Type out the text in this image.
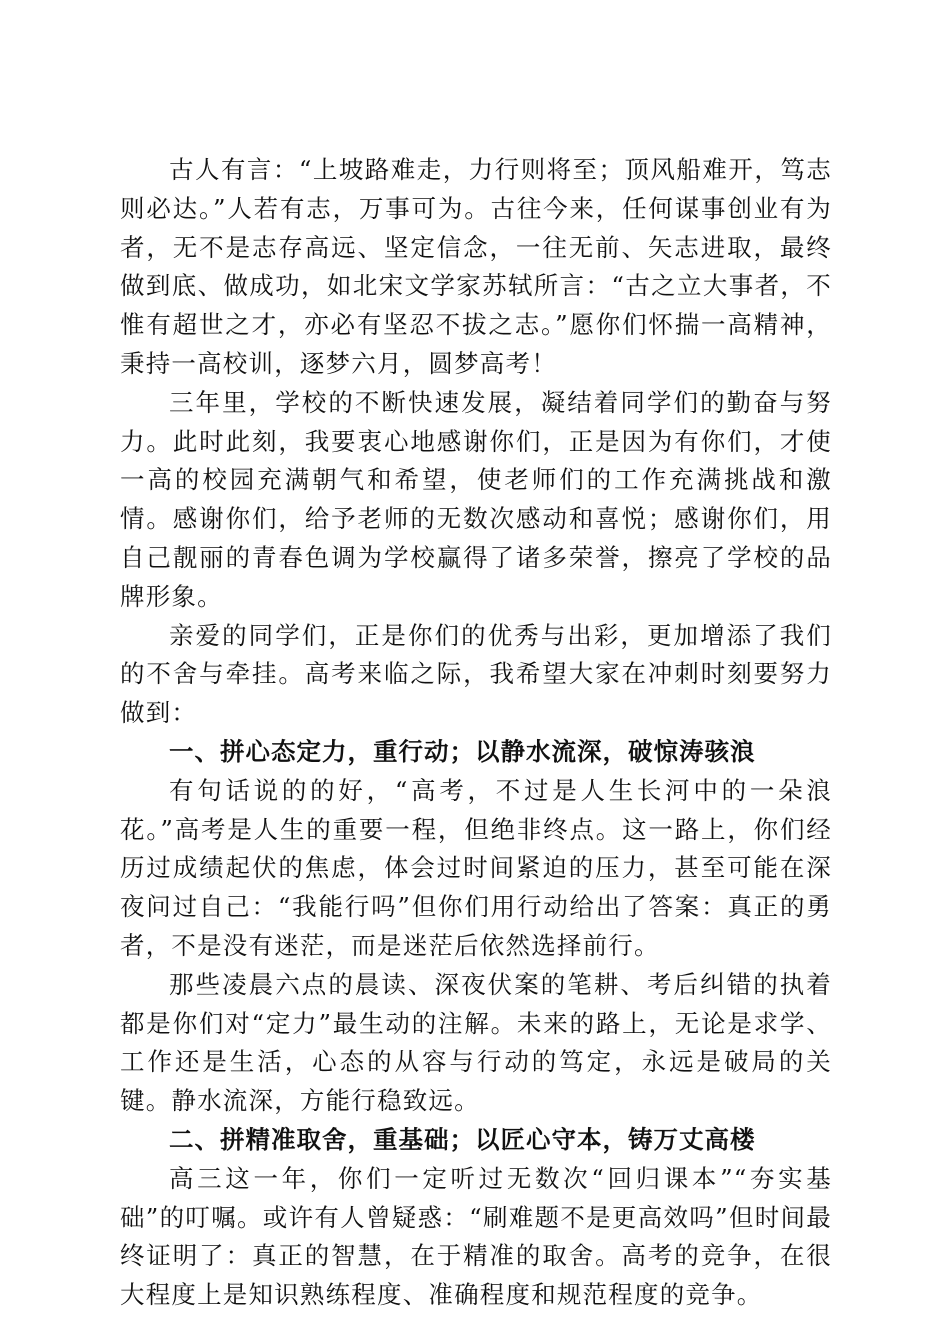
古人有言：“上坡路难走，力行则将至；顶风船难开，笃志则必达。”人若有志，万事可为。古往今来，任何谋事创业有为者，无不是志存高远、坚定信念，一往无前、矢志进取，最终做到底、做成功，如北宋文学家苏轼所言：“古之立大事者，不惟有超世之才，亦必有坚忍不拔之志。”愿你们怀揣一高精神，秉持一高校训，逐梦六月，圆梦高考！

三年里，学校的不断快速发展，凝结着同学们的勤奋与努力。此时此刻，我要衷心地感谢你们，正是因为有你们，才使一高的校园充满朝气和希望，使老师们的工作充满挑战和激情。感谢你们，给予老师的无数次感动和喜悦；感谢你们，用自己靓丽的青春色调为学校赢得了诸多荣誉，擦亮了学校的品牌形象。

亲爱的同学们，正是你们的优秀与出彩，更加增添了我们的不舍与牵挂。高考来临之际，我希望大家在冲刺时刻要努力做到：

一、拼心态定力，重行动；以静水流深，破惊涛骇浪

有句话说的的好，“高考，不过是人生长河中的一朵浪花。”高考是人生的重要一程，但绝非终点。这一路上，你们经历过成绩起伏的焦虑，体会过时间紧迫的压力，甚至可能在深夜问过自己：“我能行吗”但你们用行动给出了答案：真正的勇者，不是没有迷茫，而是迷茫后依然选择前行。

那些凌晨六点的晨读、深夜伏案的笔耕、考后纠错的执着都是你们对“定力”最生动的注解。未来的路上，无论是求学、工作还是生活，心态的从容与行动的笃定，永远是破局的关键。静水流深，方能行稳致远。

二、拼精准取舍，重基础；以匠心守本，铸万丈高楼

高三这一年，你们一定听过无数次“回归课本”“夯实基础”的叮嘱。或许有人曾疑惑：“刷难题不是更高效吗”但时间最终证明了：真正的智慧，在于精准的取舍。高考的竞争，在很大程度上是知识熟练程度、准确程度和规范程度的竞争。
